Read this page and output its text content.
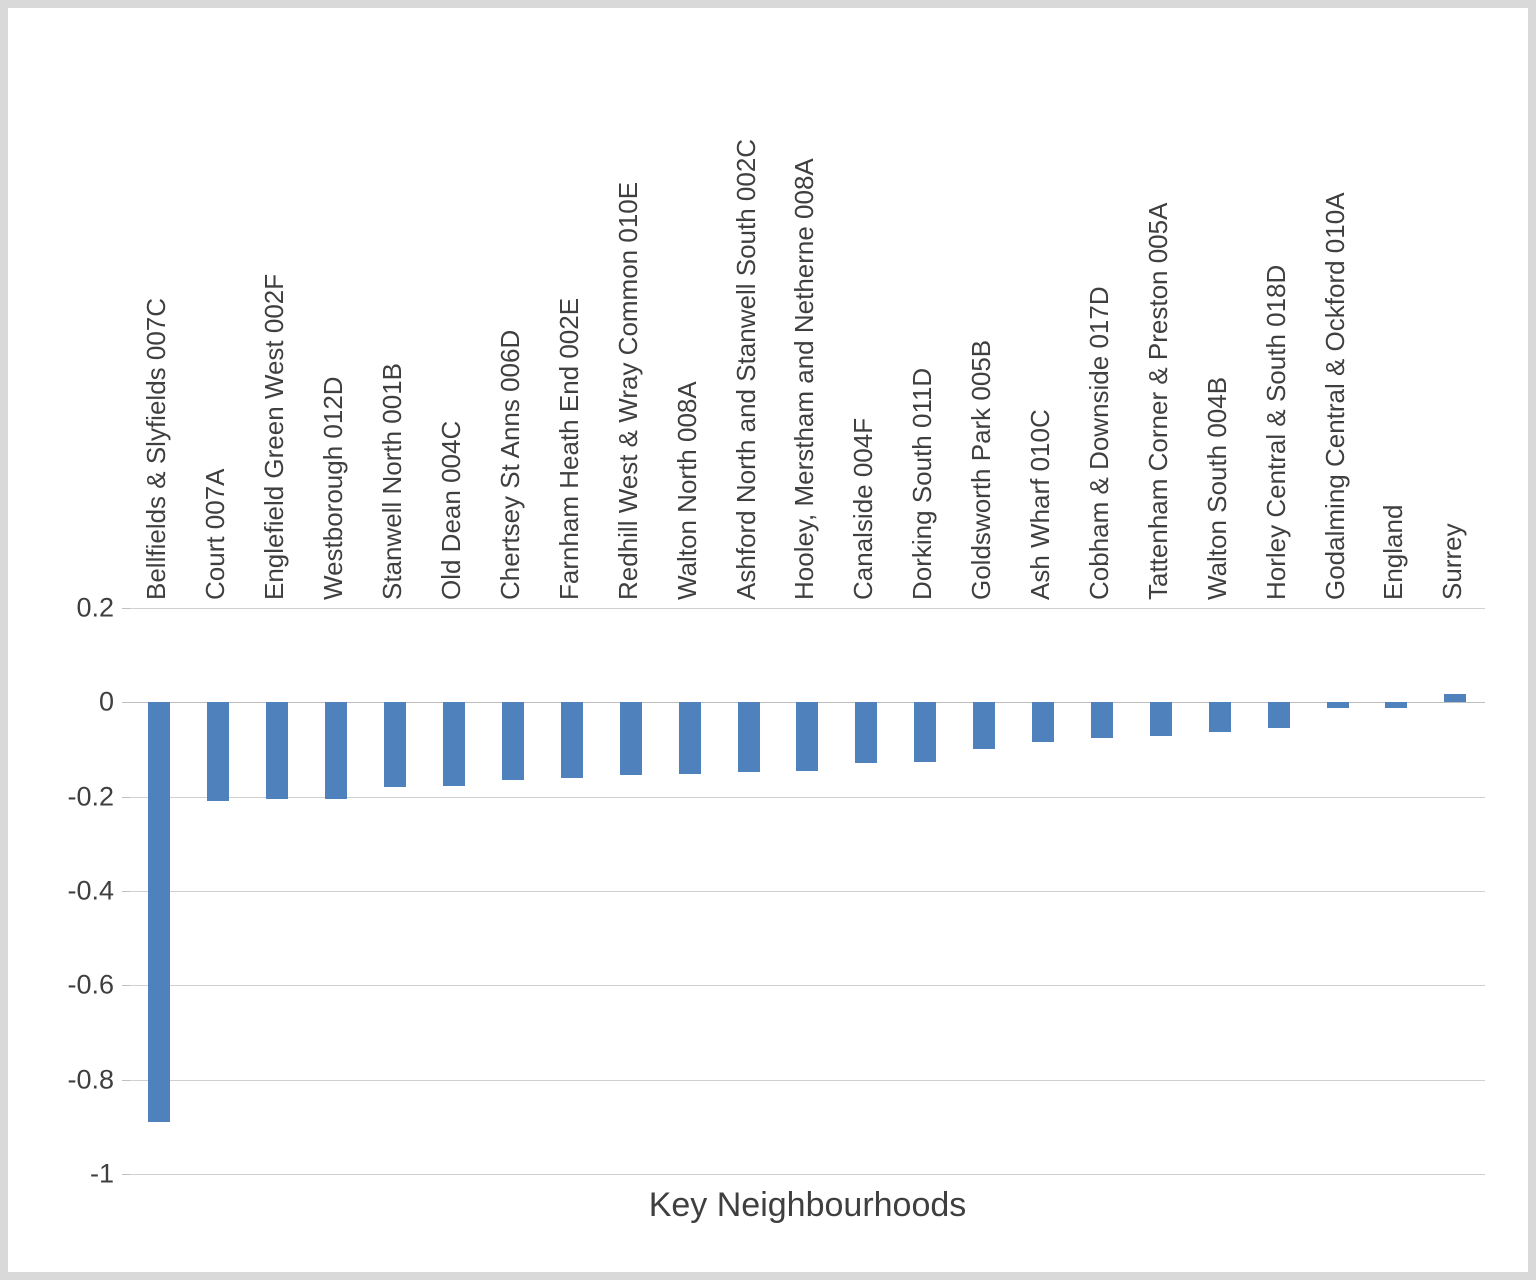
Bellfields & Slyfields 007C Court 007A Englefield Green West 002F Westborough 012D Stanwell North 001B Old Dean 004C Chertsey St Anns 006D Farnham Heath End 002E Redhill West & Wray Common 010E Walton North 008A Ashford North and Stanwell South 002C Hooley, Merstham and Netherne 008A Canalside 004F Dorking South 011D Goldsworth Park 005B Ash Wharf 010C Cobham & Downside 017D Tattenham Corner & Preston 005A Walton South 004B Horley Central & South 018D Godalming Central & Ockford 010A England Surrey
0.2
0
-0.2
-0.4
-0.6
-0.8
-1
Key Neighbourhoods
